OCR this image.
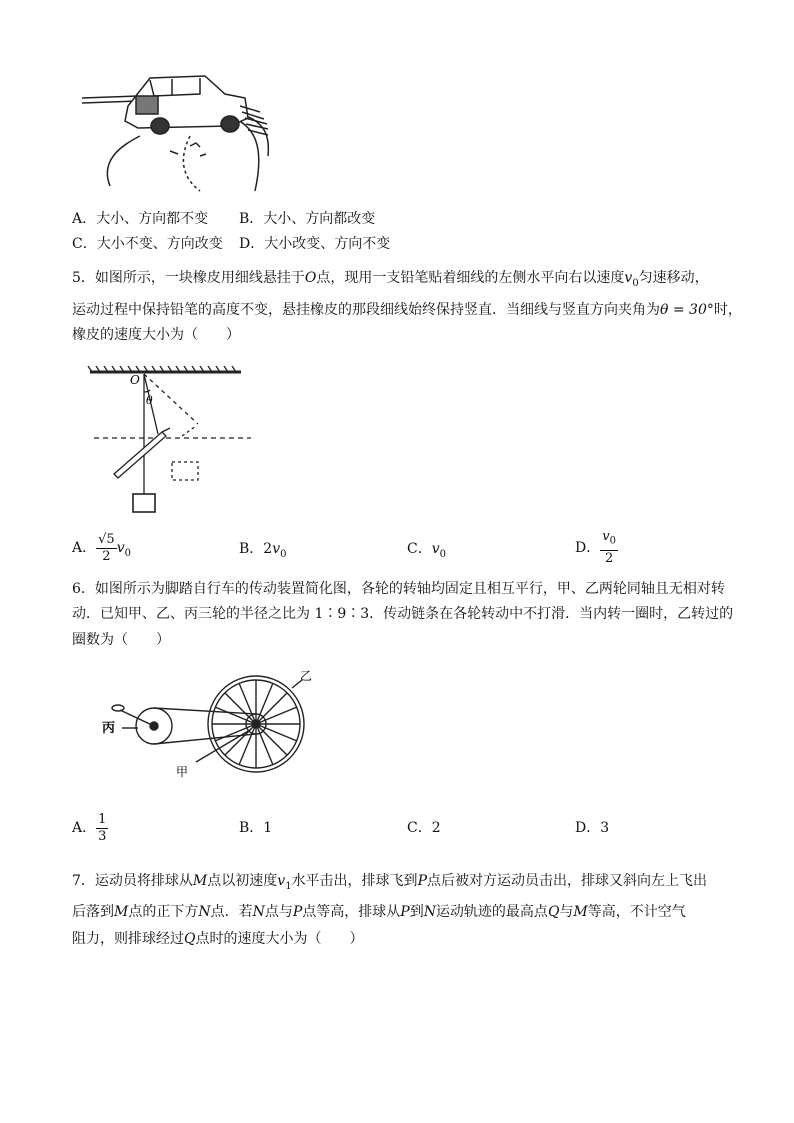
A．大小、方向都不变 B．大小、方向都改变
C．大小不变、方向改变 D．大小改变、方向不变
5．如图所示，一块橡皮用细线悬挂于O点，现用一支铅笔贴着细线的左侧水平向右以速度$v_0$匀速移动，
运动过程中保持铅笔的高度不变，悬挂橡皮的那段细线始终保持竖直．当细线与竖直方向夹角为θ = 30°时，
橡皮的速度大小为（　　）
O
θ
A． $\frac{√5}{2} v_0$	B．$2v_0$	C．$v_0$	D． $\frac{v_0}{2}$
6．如图所示为脚踏自行车的传动装置简化图，各轮的转轴均固定且相互平行，甲、乙两轮同轴且无相对转
动．已知甲、乙、丙三轮的半径之比为 1∶9∶3．传动链条在各轮转动中不打滑．当内转一圈时，乙转过的
圈数为（　　）
丙
甲
乙
A． $\frac{1}{3}$	B．1	C．2	D．3
7．运动员将排球从M点以初速度$v_1$水平击出，排球飞到P点后被对方运动员击出，排球又斜向左上飞出
后落到M点的正下方N点．若N点与P点等高，排球从P到N运动轨迹的最高点Q与M等高，不计空气
阻力，则排球经过Q点时的速度大小为（　　）
